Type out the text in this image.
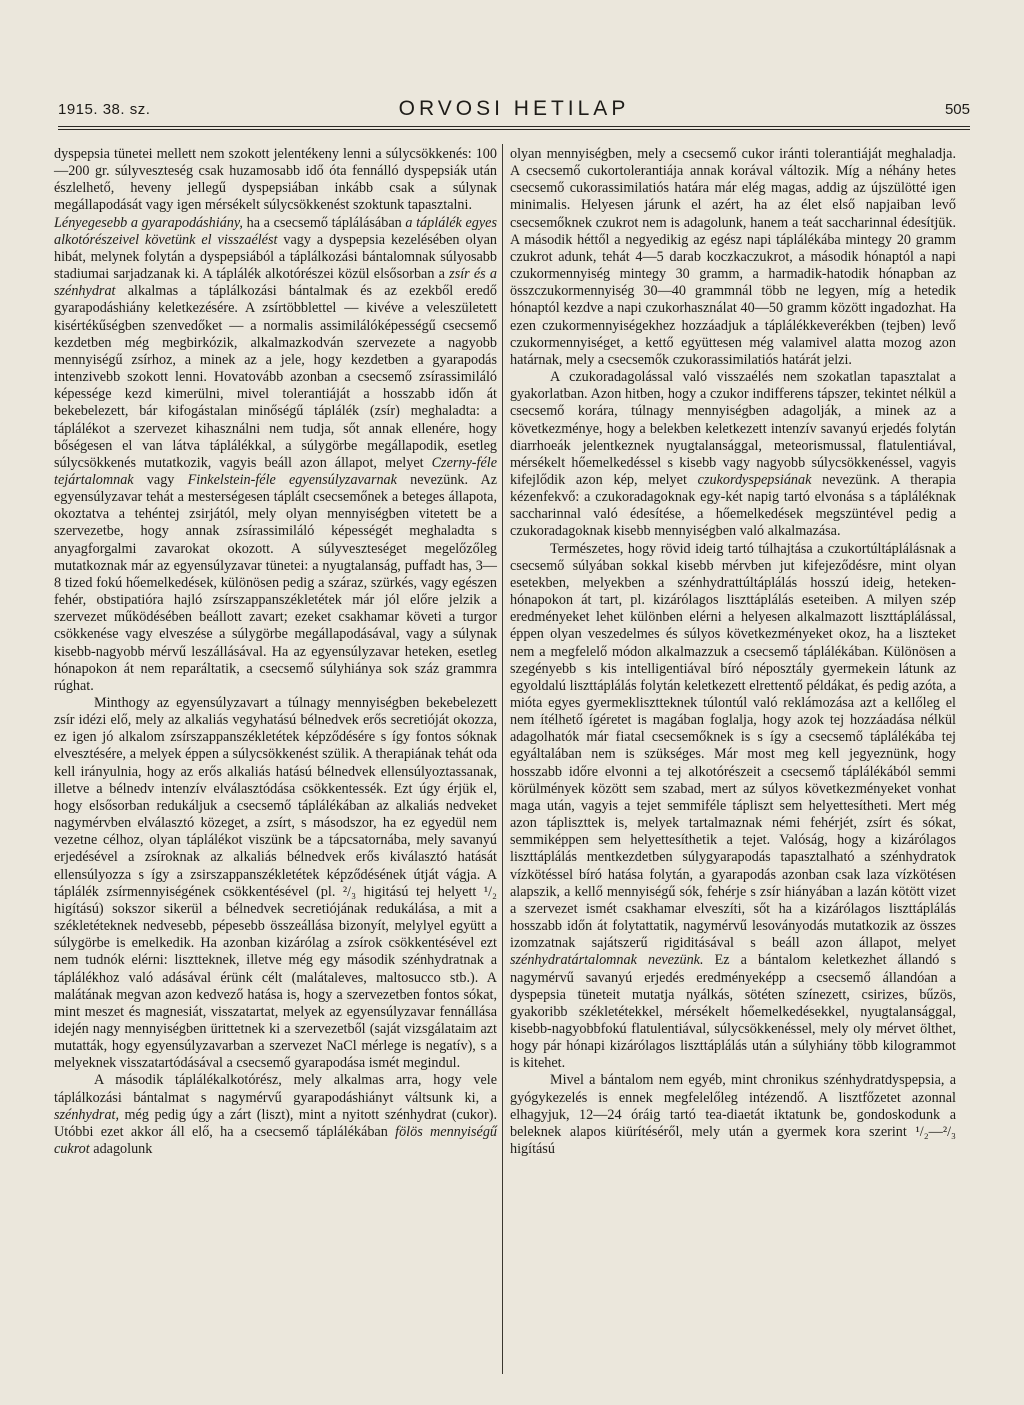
1915. 38. sz.	ORVOSI HETILAP	505

dyspepsia tünetei mellett nem szokott jelentékeny lenni a súlycsökkenés: 100—200 gr. súlyveszteség csak huzamosabb idő óta fennálló dyspepsiák után észlelhető, heveny jellegű dyspepsiában inkább csak a súlynak megállapodását vagy igen mérsékelt súlycsökkenést szoktunk tapasztalni.

Lényegesebb a gyarapodáshiány, ha a csecsemő táplálásában a táplálék egyes alkotórészeivel követünk el visszaélést vagy a dyspepsia kezelésében olyan hibát, melynek folytán a dyspepsiából a táplálkozási bántalomnak súlyosabb stadiumai sarjadzanak ki. A táplálék alkotórészei közül elsősorban a zsír és a szénhydrat alkalmas a táplálkozási bántalmak és az ezekből eredő gyarapodáshiány keletkezésére. A zsírtöbblettel — kivéve a veleszületett kisértékűségben szenvedőket — a normalis assimilálóképességű csecsemő kezdetben még megbirkózik, alkalmazkodván szervezete a nagyobb mennyiségű zsírhoz, a minek az a jele, hogy kezdetben a gyarapodás intenzivebb szokott lenni. Hovatovább azonban a csecsemő zsírassimiláló képessége kezd kimerülni, mivel tolerantiáját a hosszabb időn át bekebelezett, bár kifogástalan minőségű táplálék (zsír) meghaladta: a táplálékot a szervezet kihasználni nem tudja, sőt annak ellenére, hogy bőségesen el van látva táplálékkal, a súlygörbe megállapodik, esetleg súlycsökkenés mutatkozik, vagyis beáll azon állapot, melyet Czerny-féle tejártalomnak vagy Finkelstein-féle egyensúlyzavarnak nevezünk. Az egyensúlyzavar tehát a mesterségesen táplált csecsemőnek a beteges állapota, okoztatva a tehéntej zsirjától, mely olyan mennyiségben vitetett be a szervezetbe, hogy annak zsírassimiláló képességét meghaladta s anyagforgalmi zavarokat okozott. A súlyveszteséget megelőzőleg mutatkoznak már az egyensúlyzavar tünetei: a nyugtalanság, puffadt has, 3—8 tized fokú hőemelkedések, különösen pedig a száraz, szürkés, vagy egészen fehér, obstipatióra hajló zsírszappanszékletétek már jól előre jelzik a szervezet működésében beállott zavart; ezeket csakhamar követi a turgor csökkenése vagy elveszése a súlygörbe megállapodásával, vagy a súlynak kisebb-nagyobb mérvű leszállásával. Ha az egyensúlyzavar heteken, esetleg hónapokon át nem reparáltatik, a csecsemő súlyhiánya sok száz grammra rúghat.

Minthogy az egyensúlyzavart a túlnagy mennyiségben bekebelezett zsír idézi elő, mely az alkaliás vegyhatású bélnedvek erős secretióját okozza, ez igen jó alkalom zsírszappanszékletétek képződésére s így fontos sóknak elvesztésére, a melyek éppen a súlycsökkenést szülik. A therapiának tehát oda kell irányulnia, hogy az erős alkaliás hatású bélnedvek ellensúlyoztassanak, illetve a bélnedv intenzív elválasztódása csökkentessék. Ezt úgy érjük el, hogy elsősorban redukáljuk a csecsemő táplálékában az alkaliás nedveket nagymérvben elválasztó közeget, a zsírt, s másodszor, ha ez egyedül nem vezetne célhoz, olyan táplálékot viszünk be a tápcsatornába, mely savanyú erjedésével a zsíroknak az alkaliás bélnedvek erős kiválasztó hatását ellensúlyozza s így a zsirszappanszékletétek képződésének útját vágja. A táplálék zsírmennyiségének csökkentésével (pl. ²/₃ higitású tej helyett ¹/₂ higítású) sokszor sikerül a bélnedvek secretiójának redukálása, a mit a székletéteknek nedvesebb, pépesebb összeállása bizonyít, melylyel együtt a súlygörbe is emelkedik. Ha azonban kizárólag a zsírok csökkentésével ezt nem tudnók elérni: lisztteknek, illetve még egy második szénhydratnak a táplálékhoz való adásával érünk célt (malátaleves, maltosucco stb.). A malátának megvan azon kedvező hatása is, hogy a szervezetben fontos sókat, mint meszet és magnesiát, visszatartat, melyek az egyensúlyzavar fennállása idején nagy mennyiségben ürittetnek ki a szervezetből (saját vizsgálataim azt mutatták, hogy egyensúlyzavarban a szervezet NaCl mérlege is negatív), s a melyeknek visszatartódásával a csecsemő gyarapodása ismét megindul.

A második táplálékalkotórész, mely alkalmas arra, hogy vele táplálkozási bántalmat s nagymérvű gyarapodáshiányt váltsunk ki, a szénhydrat, még pedig úgy a zárt (liszt), mint a nyitott szénhydrat (cukor). Utóbbi ezet akkor áll elő, ha a csecsemő táplálékában fölös mennyiségű cukrot adagolunk

olyan mennyiségben, mely a csecsemő cukor iránti tolerantiáját meghaladja. A csecsemő cukortolerantiája annak korával változik. Míg a néhány hetes csecsemő cukorassimilatiós határa már elég magas, addig az újszülötté igen minimalis. Helyesen járunk el azért, ha az élet első napjaiban levő csecsemőknek czukrot nem is adagolunk, hanem a teát saccharinnal édesítjük. A második héttől a negyedikig az egész napi táplálékába mintegy 20 gramm czukrot adunk, tehát 4—5 darab koczkaczukrot, a második hónaptól a napi czukormennyiség mintegy 30 gramm, a harmadik-hatodik hónapban az összczukormennyiség 30—40 grammnál több ne legyen, míg a hetedik hónaptól kezdve a napi czukorhasználat 40—50 gramm között ingadozhat. Ha ezen czukormennyiségekhez hozzáadjuk a táplálékkeverékben (tejben) levő czukormennyiséget, a kettő együttesen még valamivel alatta mozog azon határnak, mely a csecsemők czukorassimilatiós határát jelzi.

A czukoradagolással való visszaélés nem szokatlan tapasztalat a gyakorlatban. Azon hitben, hogy a czukor indifferens tápszer, tekintet nélkül a csecsemő korára, túlnagy mennyiségben adagolják, a minek az a következménye, hogy a belekben keletkezett intenzív savanyú erjedés folytán diarrhoeák jelentkeznek nyugtalansággal, meteorismussal, flatulentiával, mérsékelt hőemelkedéssel s kisebb vagy nagyobb súlycsökkenéssel, vagyis kifejlődik azon kép, melyet czukordyspepsiának nevezünk. A therapia kézenfekvő: a czukoradagoknak egy-két napig tartó elvonása s a tápláléknak saccharinnal való édesítése, a hőemelkedések megszüntével pedig a czukoradagoknak kisebb mennyiségben való alkalmazása.

Természetes, hogy rövid ideig tartó túlhajtása a czukortúltáplálásnak a csecsemő súlyában sokkal kisebb mérvben jut kifejeződésre, mint olyan esetekben, melyekben a szénhydrattúltáplálás hosszú ideig, heteken-hónapokon át tart, pl. kizárólagos liszttáplálás eseteiben. A milyen szép eredményeket lehet különben elérni a helyesen alkalmazott liszttáplálással, éppen olyan veszedelmes és súlyos következményeket okoz, ha a liszteket nem a megfelelő módon alkalmazzuk a csecsemő táplálékában. Különösen a szegényebb s kis intelligentiával bíró néposztály gyermekein látunk az egyoldalú liszttáplálás folytán keletkezett elrettentő példákat, és pedig azóta, a mióta egyes gyermeklisztteknek túlontúl való reklámozása azt a kellőleg el nem ítélhető ígéretet is magában foglalja, hogy azok tej hozzáadása nélkül adagolhatók már fiatal csecsemőknek is s így a csecsemő táplálékába tej egyáltalában nem is szükséges. Már most meg kell jegyeznünk, hogy hosszabb időre elvonni a tej alkotórészeit a csecsemő táplálékából semmi körülmények között sem szabad, mert az súlyos következményeket vonhat maga után, vagyis a tejet semmiféle tápliszt sem helyettesítheti. Mert még azon tápliszttek is, melyek tartalmaznak némi fehérjét, zsírt és sókat, semmiképpen sem helyettesíthetik a tejet. Valóság, hogy a kizárólagos liszttáplálás mentkezdetben súlygyarapodás tapasztalható a szénhydratok vízkötéssel bíró hatása folytán, a gyarapodás azonban csak laza vízkötésen alapszik, a kellő mennyiségű sók, fehérje s zsír hiányában a lazán kötött vizet a szervezet ismét csakhamar elveszíti, sőt ha a kizárólagos liszttáplálás hosszabb időn át folytattatik, nagymérvű lesoványodás mutatkozik az összes izomzatnak sajátszerű rigiditásával s beáll azon állapot, melyet szénhydratártalomnak nevezünk. Ez a bántalom keletkezhet állandó s nagymérvű savanyú erjedés eredményeképp a csecsemő állandóan a dyspepsia tüneteit mutatja nyálkás, sötéten színezett, csirizes, bűzös, gyakoribb székletétekkel, mérsékelt hőemelkedésekkel, nyugtalansággal, kisebb-nagyobbfokú flatulentiával, súlycsökkenéssel, mely oly mérvet ölthet, hogy pár hónapi kizárólagos liszttáplálás után a súlyhiány több kilogrammot is kitehet.

Mivel a bántalom nem egyéb, mint chronikus szénhydratdyspepsia, a gyógykezelés is ennek megfelelőleg intézendő. A lisztfőzetet azonnal elhagyjuk, 12—24 óráig tartó tea-diaetát iktatunk be, gondoskodunk a beleknek alapos kiürítéséről, mely után a gyermek kora szerint ¹/₂—²/₃ higítású
